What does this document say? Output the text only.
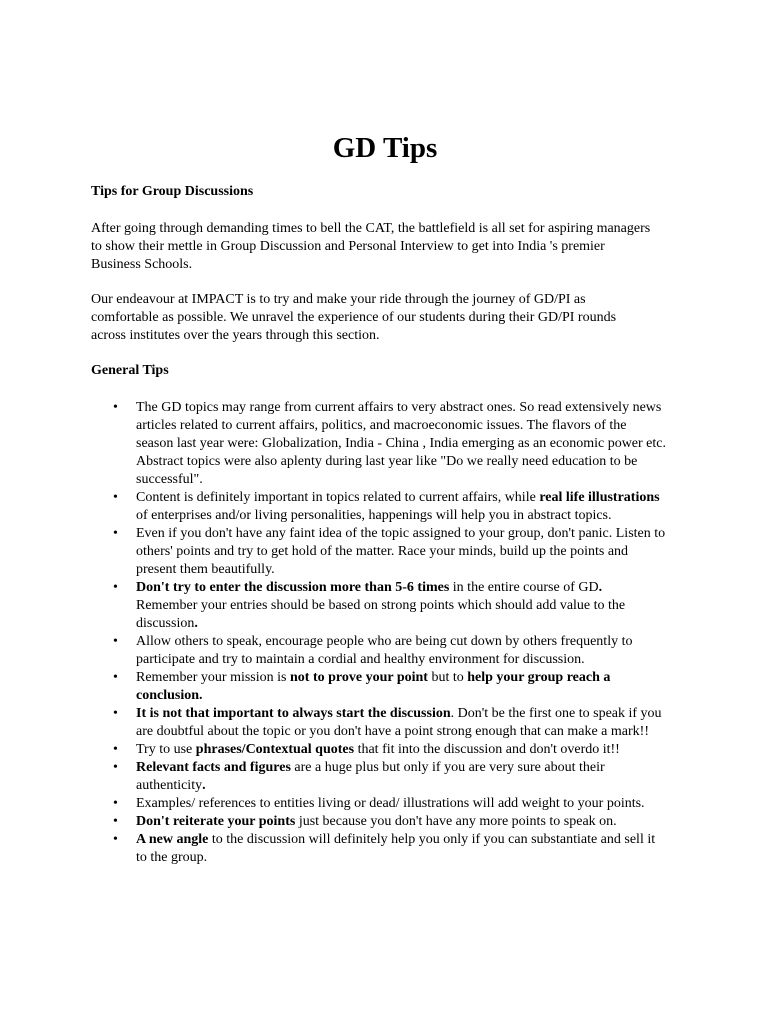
GD Tips

Tips for Group Discussions

After going through demanding times to bell the CAT, the battlefield is all set for aspiring managers to show their mettle in Group Discussion and Personal Interview to get into India 's premier Business Schools.

Our endeavour at IMPACT is to try and make your ride through the journey of GD/PI as comfortable as possible. We unravel the experience of our students during their GD/PI rounds across institutes over the years through this section.

General Tips

• The GD topics may range from current affairs to very abstract ones. So read extensively news articles related to current affairs, politics, and macroeconomic issues. The flavors of the season last year were: Globalization, India - China , India emerging as an economic power etc. Abstract topics were also aplenty during last year like "Do we really need education to be successful".
• Content is definitely important in topics related to current affairs, while real life illustrations of enterprises and/or living personalities, happenings will help you in abstract topics.
• Even if you don't have any faint idea of the topic assigned to your group, don't panic. Listen to others' points and try to get hold of the matter. Race your minds, build up the points and present them beautifully.
• Don't try to enter the discussion more than 5-6 times in the entire course of GD. Remember your entries should be based on strong points which should add value to the discussion.
• Allow others to speak, encourage people who are being cut down by others frequently to participate and try to maintain a cordial and healthy environment for discussion.
• Remember your mission is not to prove your point but to help your group reach a conclusion.
• It is not that important to always start the discussion. Don't be the first one to speak if you are doubtful about the topic or you don't have a point strong enough that can make a mark!!
• Try to use phrases/Contextual quotes that fit into the discussion and don't overdo it!!
• Relevant facts and figures are a huge plus but only if you are very sure about their authenticity.
• Examples/ references to entities living or dead/ illustrations will add weight to your points.
• Don't reiterate your points just because you don't have any more points to speak on.
• A new angle to the discussion will definitely help you only if you can substantiate and sell it to the group.
